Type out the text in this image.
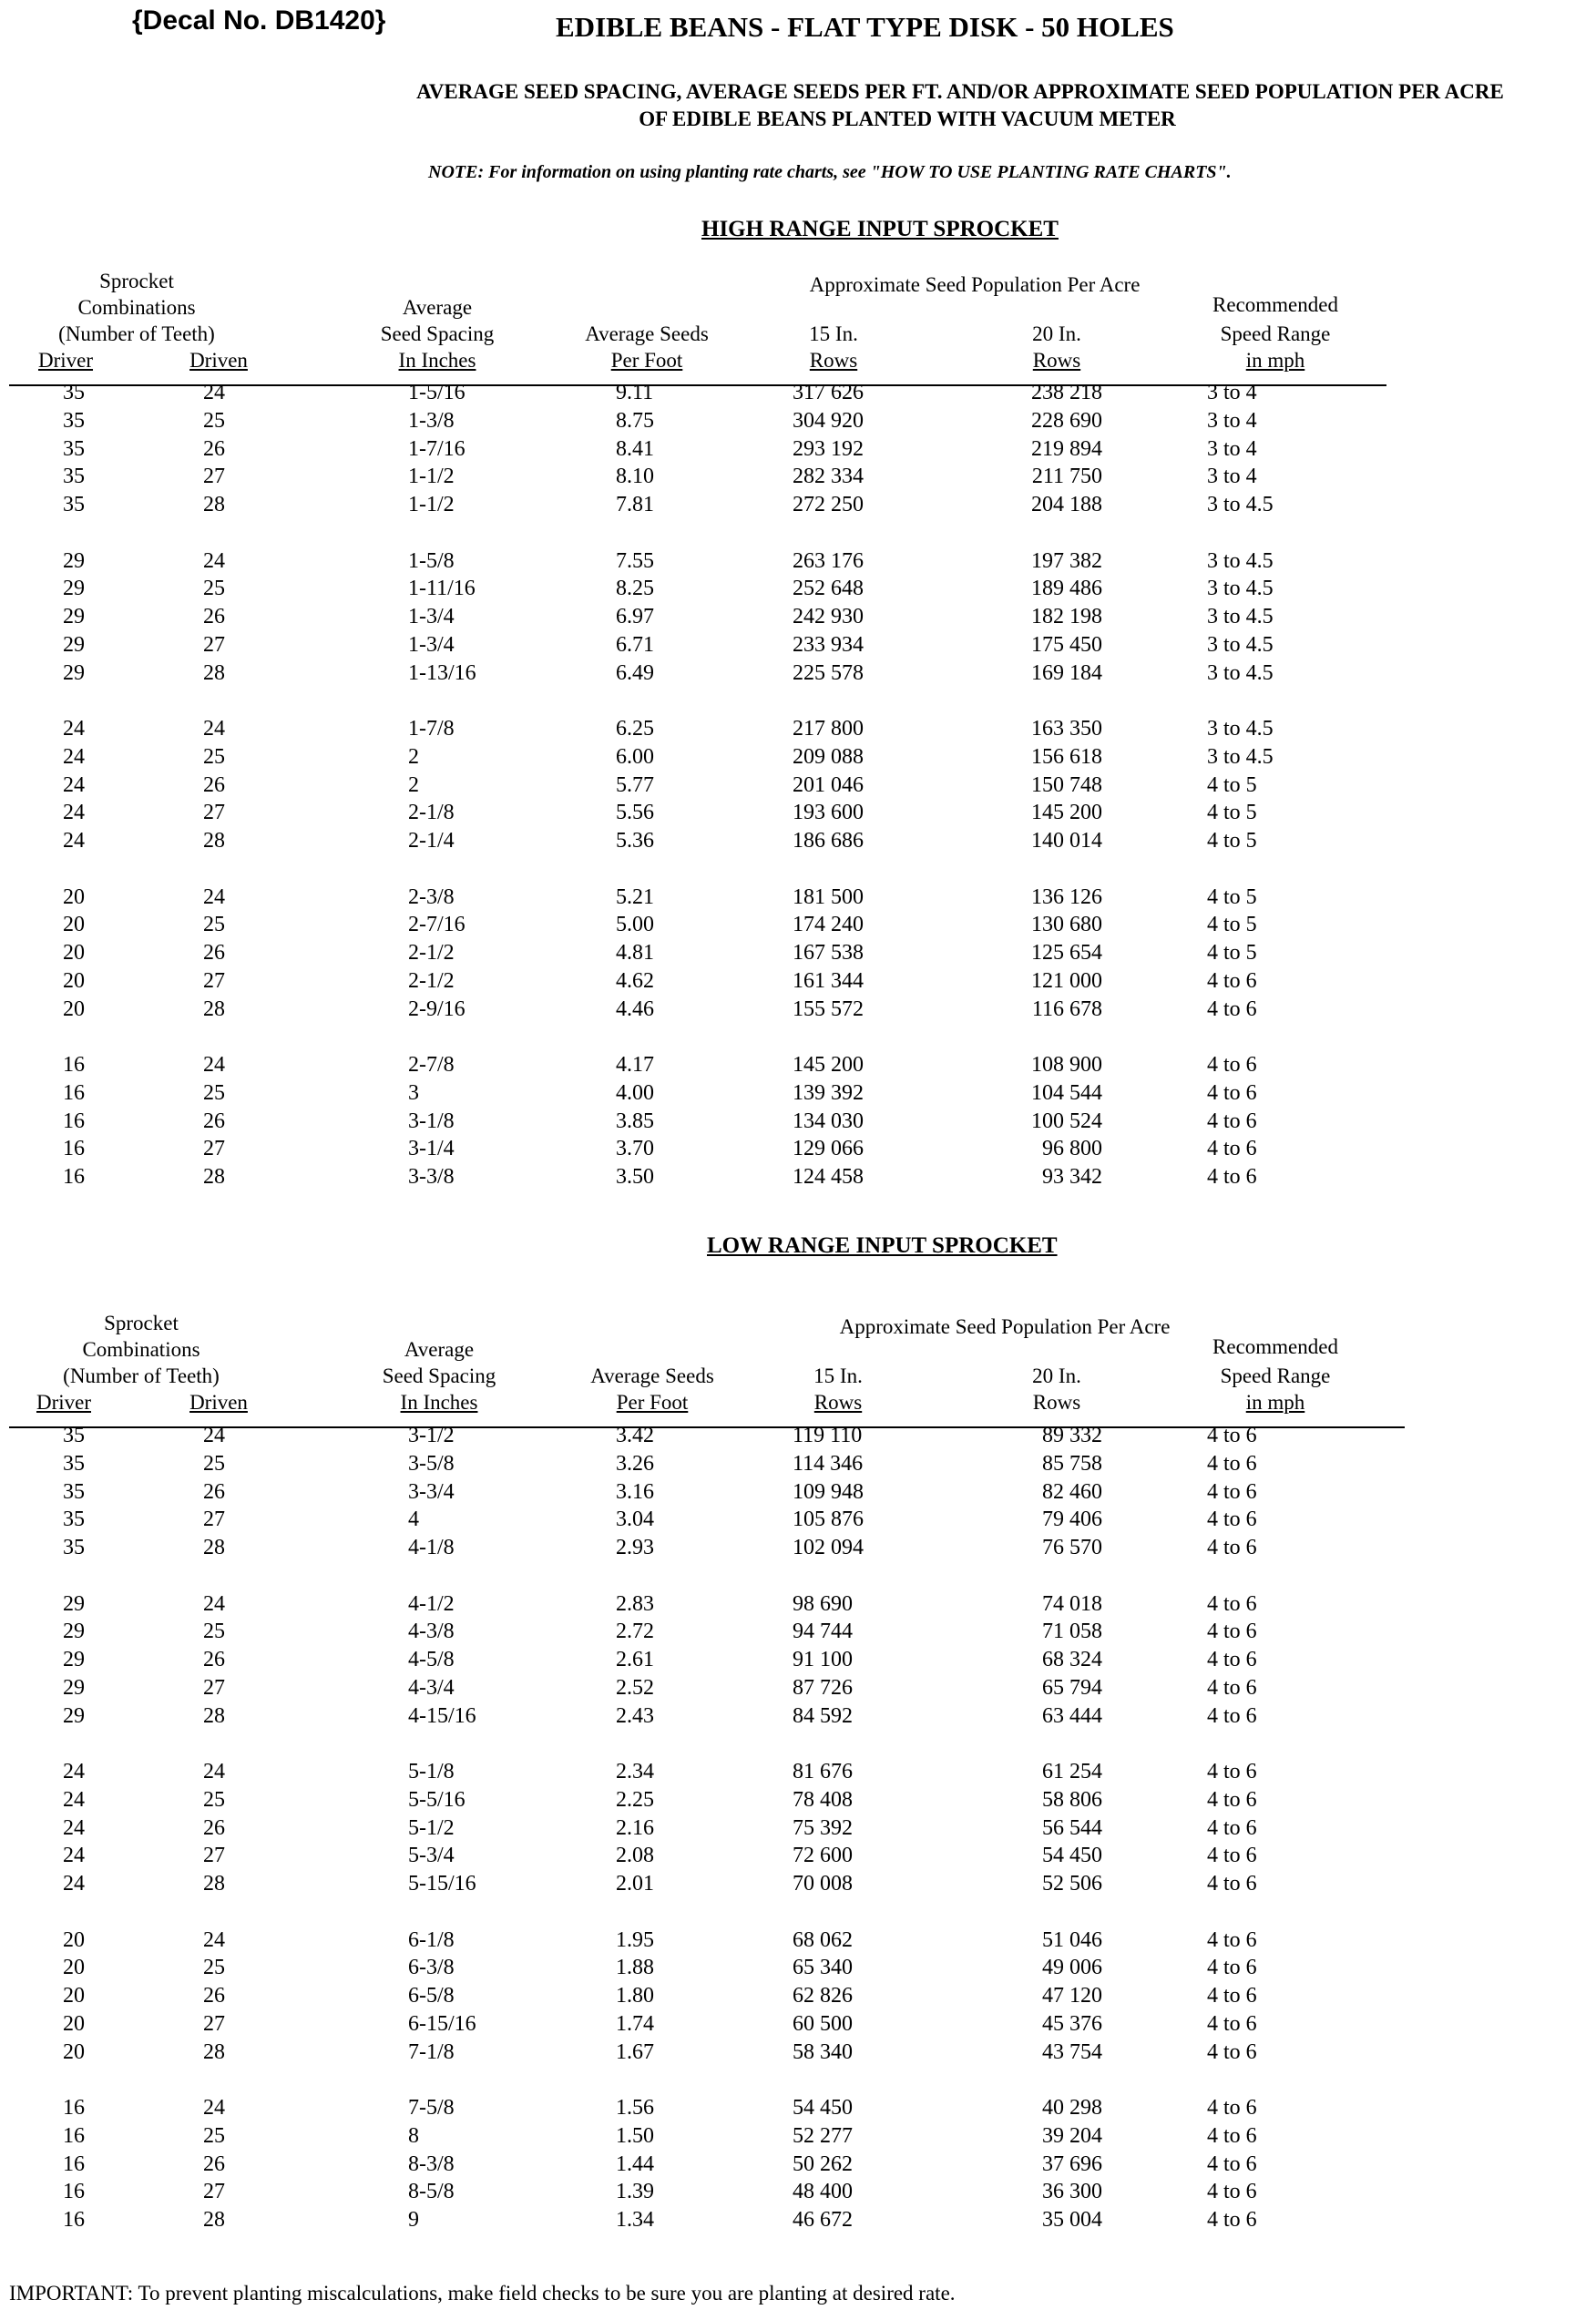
{Decal No. DB1420}	EDIBLE BEANS - FLAT TYPE DISK - 50 HOLES
AVERAGE SEED SPACING, AVERAGE SEEDS PER FT. AND/OR APPROXIMATE SEED POPULATION PER ACRE
OF EDIBLE BEANS PLANTED WITH VACUUM METER
NOTE: For information on using planting rate charts, see "HOW TO USE PLANTING RATE CHARTS".
HIGH RANGE INPUT SPROCKET
Sprocket
Combinations
(Number of Teeth)
Driver	Driven
Average
Seed Spacing
In Inches
Average Seeds
Per Foot
Approximate Seed Population Per Acre
15 In.
Rows
20 In.
Rows
Recommended
Speed Range
in mph
35	24	1-5/16	9.11	317 626	238 218	3 to 4
35	25	1-3/8	8.75	304 920	228 690	3 to 4
35	26	1-7/16	8.41	293 192	219 894	3 to 4
35	27	1-1/2	8.10	282 334	211 750	3 to 4
35	28	1-1/2	7.81	272 250	204 188	3 to 4.5
29	24	1-5/8	7.55	263 176	197 382	3 to 4.5
29	25	1-11/16	8.25	252 648	189 486	3 to 4.5
29	26	1-3/4	6.97	242 930	182 198	3 to 4.5
29	27	1-3/4	6.71	233 934	175 450	3 to 4.5
29	28	1-13/16	6.49	225 578	169 184	3 to 4.5
24	24	1-7/8	6.25	217 800	163 350	3 to 4.5
24	25	2	6.00	209 088	156 618	3 to 4.5
24	26	2	5.77	201 046	150 748	4 to 5
24	27	2-1/8	5.56	193 600	145 200	4 to 5
24	28	2-1/4	5.36	186 686	140 014	4 to 5
20	24	2-3/8	5.21	181 500	136 126	4 to 5
20	25	2-7/16	5.00	174 240	130 680	4 to 5
20	26	2-1/2	4.81	167 538	125 654	4 to 5
20	27	2-1/2	4.62	161 344	121 000	4 to 6
20	28	2-9/16	4.46	155 572	116 678	4 to 6
16	24	2-7/8	4.17	145 200	108 900	4 to 6
16	25	3	4.00	139 392	104 544	4 to 6
16	26	3-1/8	3.85	134 030	100 524	4 to 6
16	27	3-1/4	3.70	129 066	96 800	4 to 6
16	28	3-3/8	3.50	124 458	93 342	4 to 6
LOW RANGE INPUT SPROCKET
Sprocket
Combinations
(Number of Teeth)
Driver	Driven
Average
Seed Spacing
In Inches
Average Seeds
Per Foot
Approximate Seed Population Per Acre
15 In.
Rows
20 In.
Rows
Recommended
Speed Range
in mph
35	24	3-1/2	3.42	119 110	89 332	4 to 6
35	25	3-5/8	3.26	114 346	85 758	4 to 6
35	26	3-3/4	3.16	109 948	82 460	4 to 6
35	27	4	3.04	105 876	79 406	4 to 6
35	28	4-1/8	2.93	102 094	76 570	4 to 6
29	24	4-1/2	2.83	98 690	74 018	4 to 6
29	25	4-3/8	2.72	94 744	71 058	4 to 6
29	26	4-5/8	2.61	91 100	68 324	4 to 6
29	27	4-3/4	2.52	87 726	65 794	4 to 6
29	28	4-15/16	2.43	84 592	63 444	4 to 6
24	24	5-1/8	2.34	81 676	61 254	4 to 6
24	25	5-5/16	2.25	78 408	58 806	4 to 6
24	26	5-1/2	2.16	75 392	56 544	4 to 6
24	27	5-3/4	2.08	72 600	54 450	4 to 6
24	28	5-15/16	2.01	70 008	52 506	4 to 6
20	24	6-1/8	1.95	68 062	51 046	4 to 6
20	25	6-3/8	1.88	65 340	49 006	4 to 6
20	26	6-5/8	1.80	62 826	47 120	4 to 6
20	27	6-15/16	1.74	60 500	45 376	4 to 6
20	28	7-1/8	1.67	58 340	43 754	4 to 6
16	24	7-5/8	1.56	54 450	40 298	4 to 6
16	25	8	1.50	52 277	39 204	4 to 6
16	26	8-3/8	1.44	50 262	37 696	4 to 6
16	27	8-5/8	1.39	48 400	36 300	4 to 6
16	28	9	1.34	46 672	35 004	4 to 6
IMPORTANT: To prevent planting miscalculations, make field checks to be sure you are planting at desired rate.
